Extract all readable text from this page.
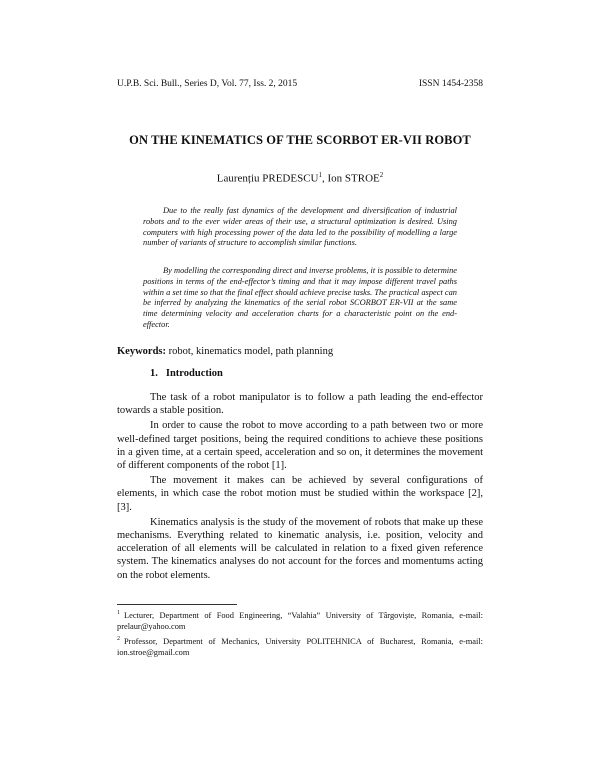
U.P.B. Sci. Bull., Series D, Vol. 77, Iss. 2, 2015	ISSN 1454-2358
ON THE KINEMATICS OF THE SCORBOT ER-VII ROBOT
Laurențiu PREDESCU$^1$, Ion STROE$^2$

Due to the really fast dynamics of the development and diversification of industrial robots and to the ever wider areas of their use, a structural optimization is desired. Using computers with high processing power of the data led to the possibility of modelling a large number of variants of structure to accomplish similar functions.

By modelling the corresponding direct and inverse problems, it is possible to determine positions in terms of the end-effector’s timing and that it may impose different travel paths within a set time so that the final effect should achieve precise tasks. The practical aspect can be inferred by analyzing the kinematics of the serial robot SCORBOT ER-VII at the same time determining velocity and acceleration charts for a characteristic point on the end-effector.

Keywords: robot, kinematics model, path planning
1. Introduction

The task of a robot manipulator is to follow a path leading the end-effector towards a stable position.

In order to cause the robot to move according to a path between two or more well-defined target positions, being the required conditions to achieve these positions in a given time, at a certain speed, acceleration and so on, it determines the movement of different components of the robot [1].

The movement it makes can be achieved by several configurations of elements, in which case the robot motion must be studied within the workspace [2], [3].

Kinematics analysis is the study of the movement of robots that make up these mechanisms. Everything related to kinematic analysis, i.e. position, velocity and acceleration of all elements will be calculated in relation to a fixed given reference system. The kinematics analyses do not account for the forces and momentums acting on the robot elements.

$^1$ Lecturer, Department of Food Engineering, “Valahia” University of Târgoviște, Romania, e-mail: prelaur@yahoo.com

$^2$ Professor, Department of Mechanics, University POLITEHNICA of Bucharest, Romania, e-mail: ion.stroe@gmail.com
